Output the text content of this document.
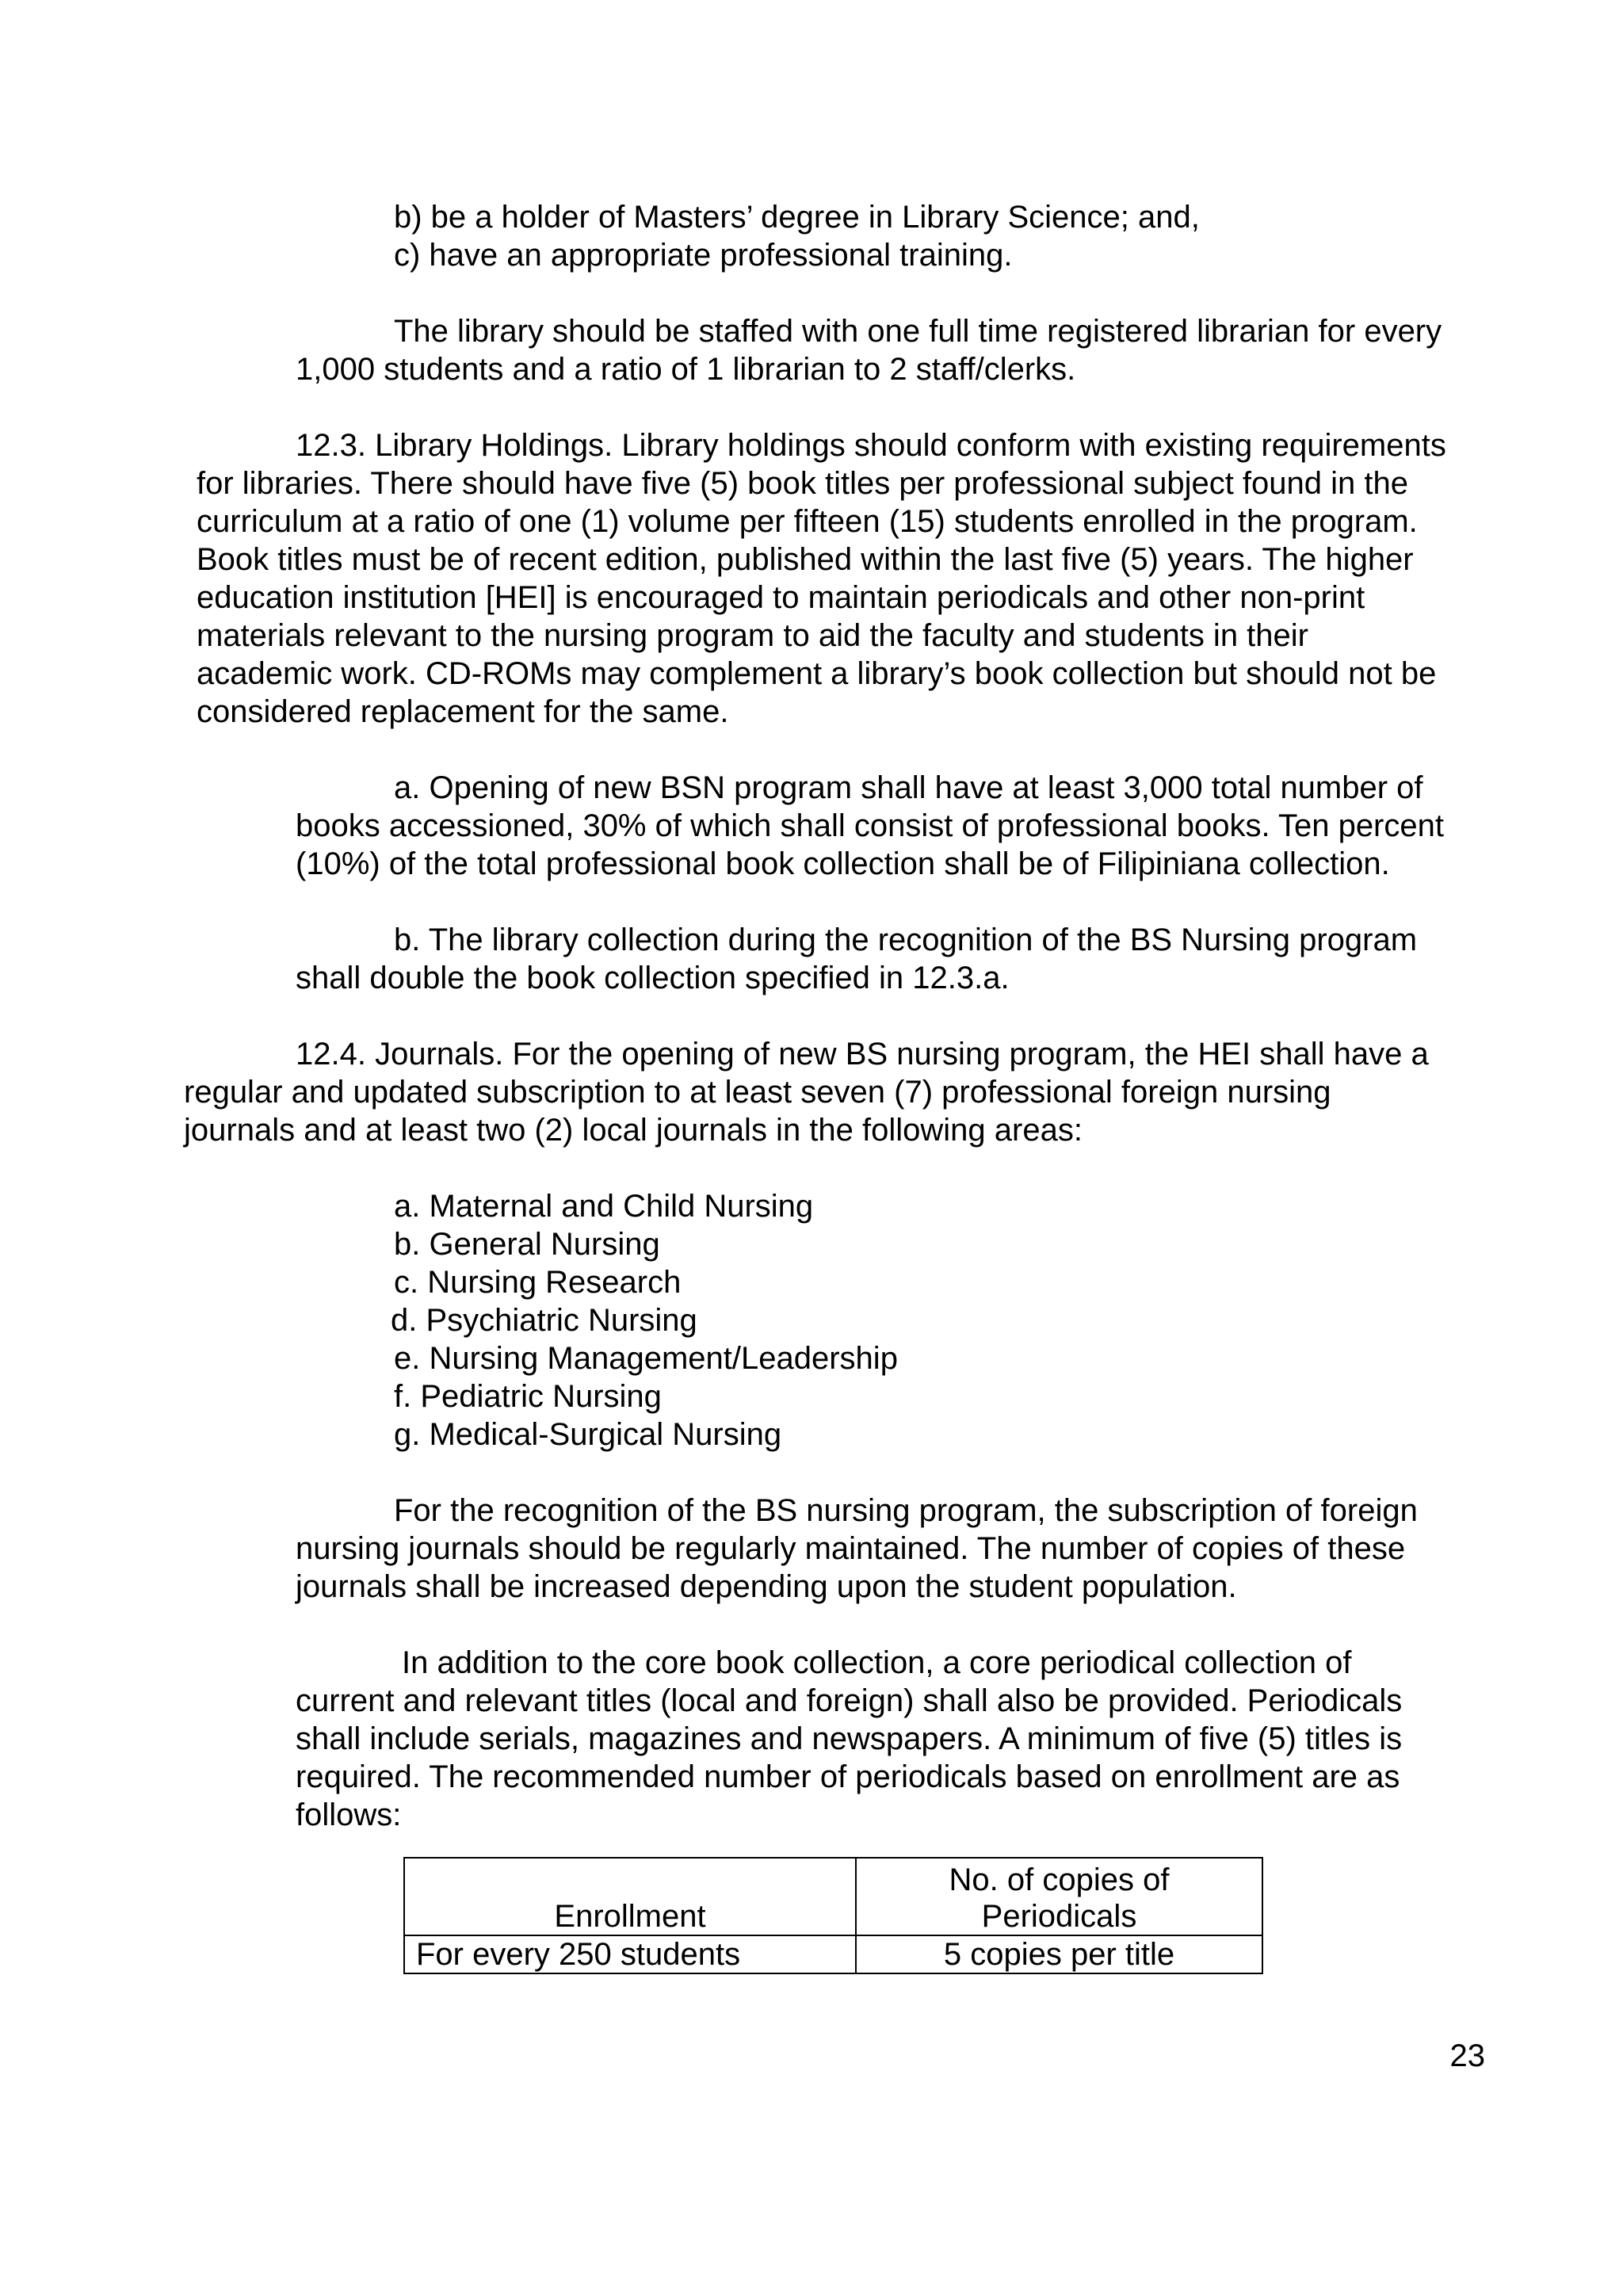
b) be a holder of Masters’ degree in Library Science; and,

c) have an appropriate professional training.

The library should be staffed with one full time registered librarian for every

1,000 students and a ratio of 1 librarian to 2 staff/clerks.

12.3. Library Holdings. Library holdings should conform with existing requirements
for libraries. There should have five (5) book titles per professional subject found in the
curriculum at a ratio of one (1) volume per fifteen (15) students enrolled in the program.
Book titles must be of recent edition, published within the last five (5) years. The higher
education institution [HEI] is encouraged to maintain periodicals and other non-print
materials relevant to the nursing program to aid the faculty and students in their
academic work. CD-ROMs may complement a library’s book collection but should not be

considered replacement for the same.

a. Opening of new BSN program shall have at least 3,000 total number of
books accessioned, 30% of which shall consist of professional books. Ten percent

(10%) of the total professional book collection shall be of Filipiniana collection.

b. The library collection during the recognition of the BS Nursing program

shall double the book collection specified in 12.3.a.

12.4. Journals. For the opening of new BS nursing program, the HEI shall have a
regular and updated subscription to at least seven (7) professional foreign nursing

journals and at least two (2) local journals in the following areas:

a. Maternal and Child Nursing

b. General Nursing

c. Nursing Research

d. Psychiatric Nursing

e. Nursing Management/Leadership

f. Pediatric Nursing

g. Medical-Surgical Nursing

For the recognition of the BS nursing program, the subscription of foreign
nursing journals should be regularly maintained. The number of copies of these

journals shall be increased depending upon the student population.

In addition to the core book collection, a core periodical collection of
current and relevant titles (local and foreign) shall also be provided. Periodicals
shall include serials, magazines and newspapers. A minimum of five (5) titles is
required. The recommended number of periodicals based on enrollment are as

follows:

Enrollment	No. of copies of
Periodicals
For every 250 students	5 copies per title

23
